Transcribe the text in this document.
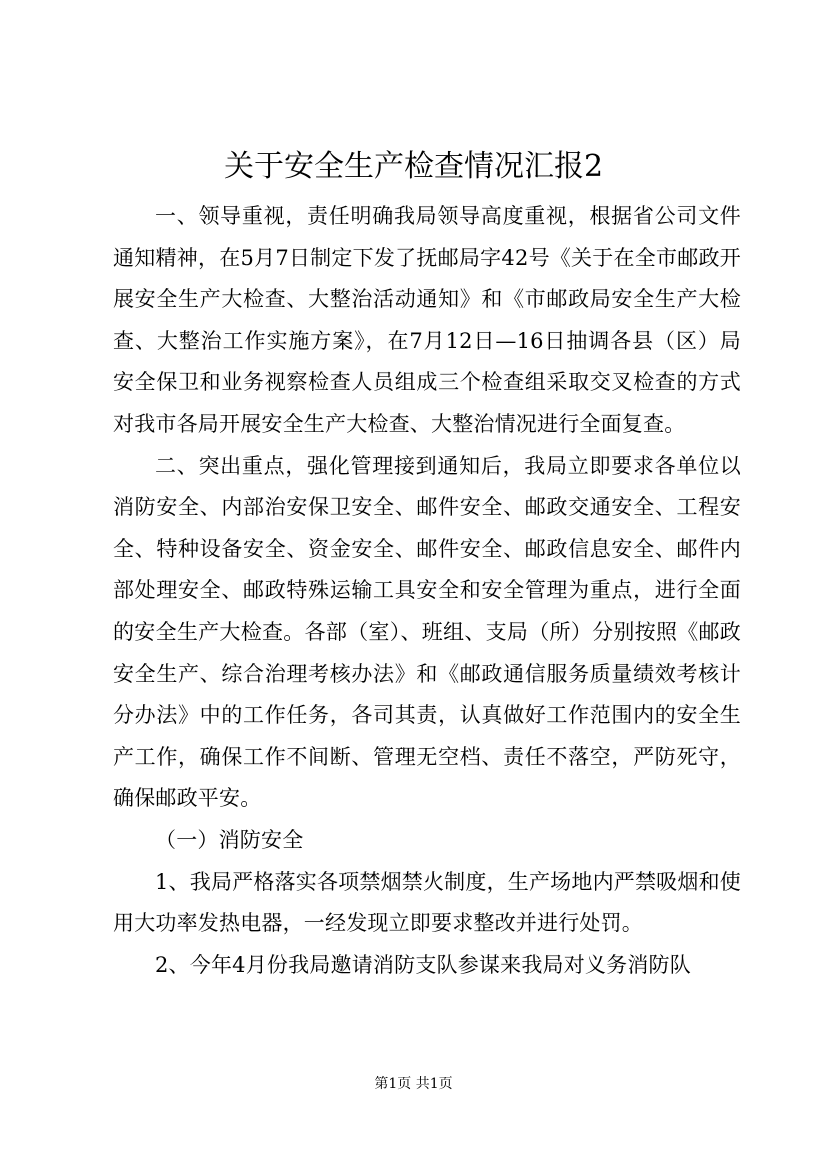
关于安全生产检查情况汇报2

一、领导重视，责任明确我局领导高度重视，根据省公司文件通知精神，在5月7日制定下发了抚邮局字42号《关于在全市邮政开展安全生产大检查、大整治活动通知》和《市邮政局安全生产大检查、大整治工作实施方案》，在7月12日—16日抽调各县（区）局安全保卫和业务视察检查人员组成三个检查组采取交叉检查的方式对我市各局开展安全生产大检查、大整治情况进行全面复查。

二、突出重点，强化管理接到通知后，我局立即要求各单位以消防安全、内部治安保卫安全、邮件安全、邮政交通安全、工程安全、特种设备安全、资金安全、邮件安全、邮政信息安全、邮件内部处理安全、邮政特殊运输工具安全和安全管理为重点，进行全面的安全生产大检查。各部（室）、班组、支局（所）分别按照《邮政安全生产、综合治理考核办法》和《邮政通信服务质量绩效考核计分办法》中的工作任务，各司其责，认真做好工作范围内的安全生产工作，确保工作不间断、管理无空档、责任不落空，严防死守，确保邮政平安。

（一）消防安全

1、我局严格落实各项禁烟禁火制度，生产场地内严禁吸烟和使用大功率发热电器，一经发现立即要求整改并进行处罚。

2、今年4月份我局邀请消防支队参谋来我局对义务消防队

第1页 共1页
